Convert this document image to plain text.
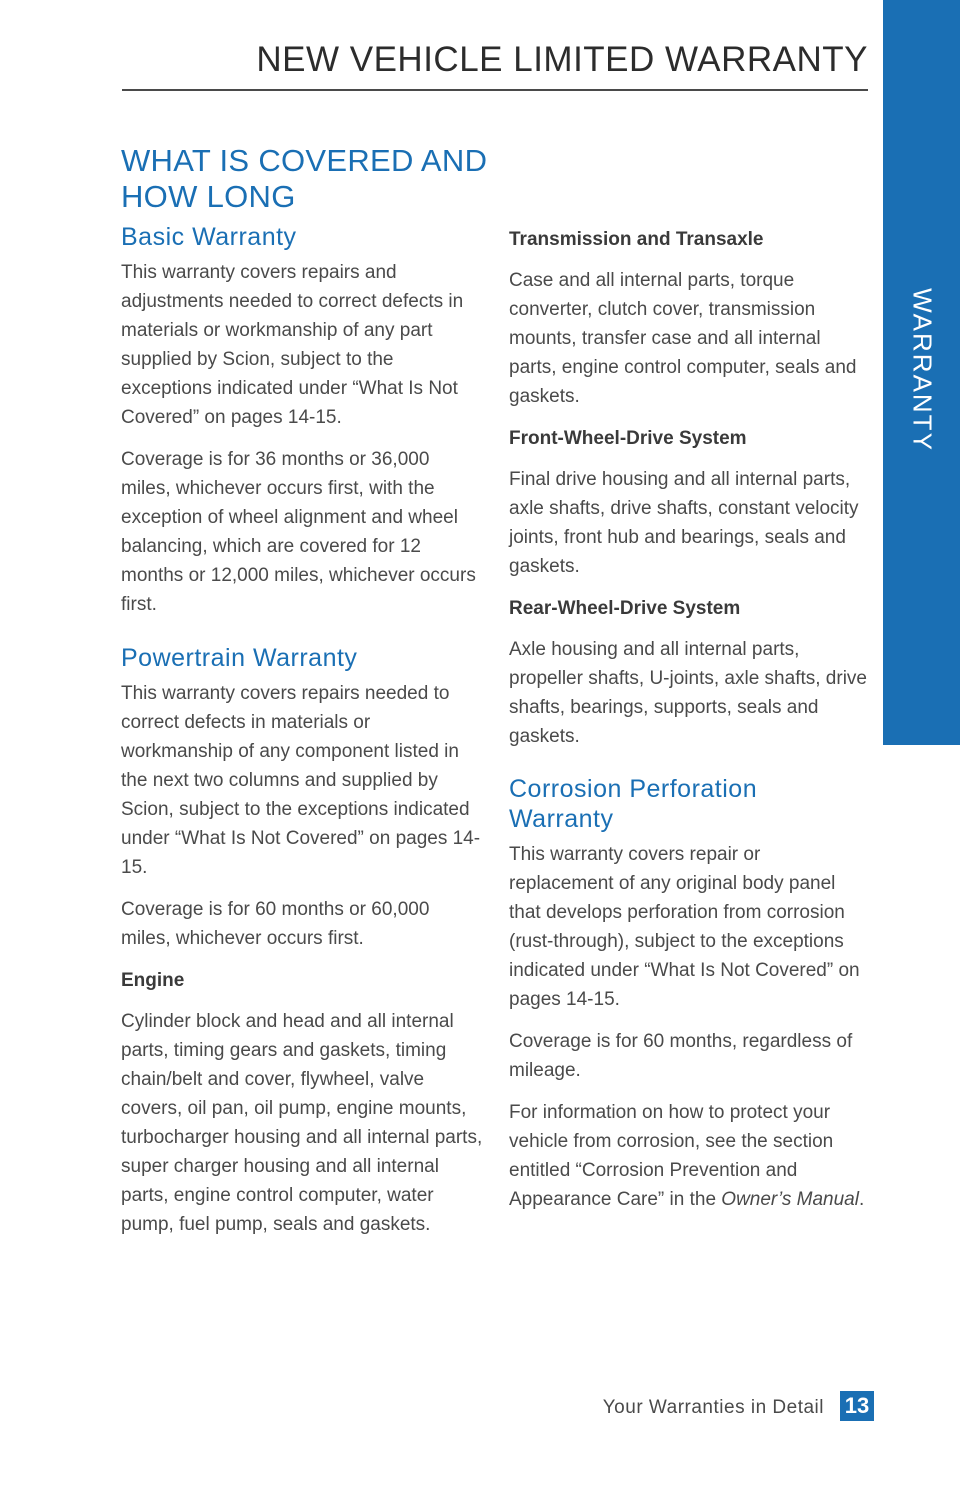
NEW VEHICLE LIMITED WARRANTY
WARRANTY
WHAT IS COVERED AND HOW LONG
Basic Warranty

This warranty covers repairs and adjustments needed to correct defects in materials or workmanship of any part supplied by Scion, subject to the exceptions indicated under “What Is Not Covered” on pages 14-15.

Coverage is for 36 months or 36,000 miles, whichever occurs first, with the exception of wheel alignment and wheel balancing, which are covered for 12 months or 12,000 miles, whichever occurs first.

Powertrain Warranty

This warranty covers repairs needed to correct defects in materials or workmanship of any component listed in the next two columns and supplied by Scion, subject to the exceptions indicated under “What Is Not Covered” on pages 14-15.

Coverage is for 60 months or 60,000 miles, whichever occurs first.

Engine

Cylinder block and head and all internal parts, timing gears and gaskets, timing chain/belt and cover, flywheel, valve covers, oil pan, oil pump, engine mounts, turbocharger housing and all internal parts, super charger housing and all internal parts, engine control computer, water pump, fuel pump, seals and gaskets.

Transmission and Transaxle

Case and all internal parts, torque converter, clutch cover, transmission mounts, transfer case and all internal parts, engine control computer, seals and gaskets.

Front-Wheel-Drive System

Final drive housing and all internal parts, axle shafts, drive shafts, constant velocity joints, front hub and bearings, seals and gaskets.

Rear-Wheel-Drive System

Axle housing and all internal parts, propeller shafts, U-joints, axle shafts, drive shafts, bearings, supports, seals and gaskets.

Corrosion Perforation Warranty

This warranty covers repair or replacement of any original body panel that develops perforation from corrosion (rust-through), subject to the exceptions indicated under “What Is Not Covered” on pages 14-15.

Coverage is for 60 months, regardless of mileage.

For information on how to protect your vehicle from corrosion, see the section entitled “Corrosion Prevention and Appearance Care” in the Owner’s Manual.

Your Warranties in Detail 13
